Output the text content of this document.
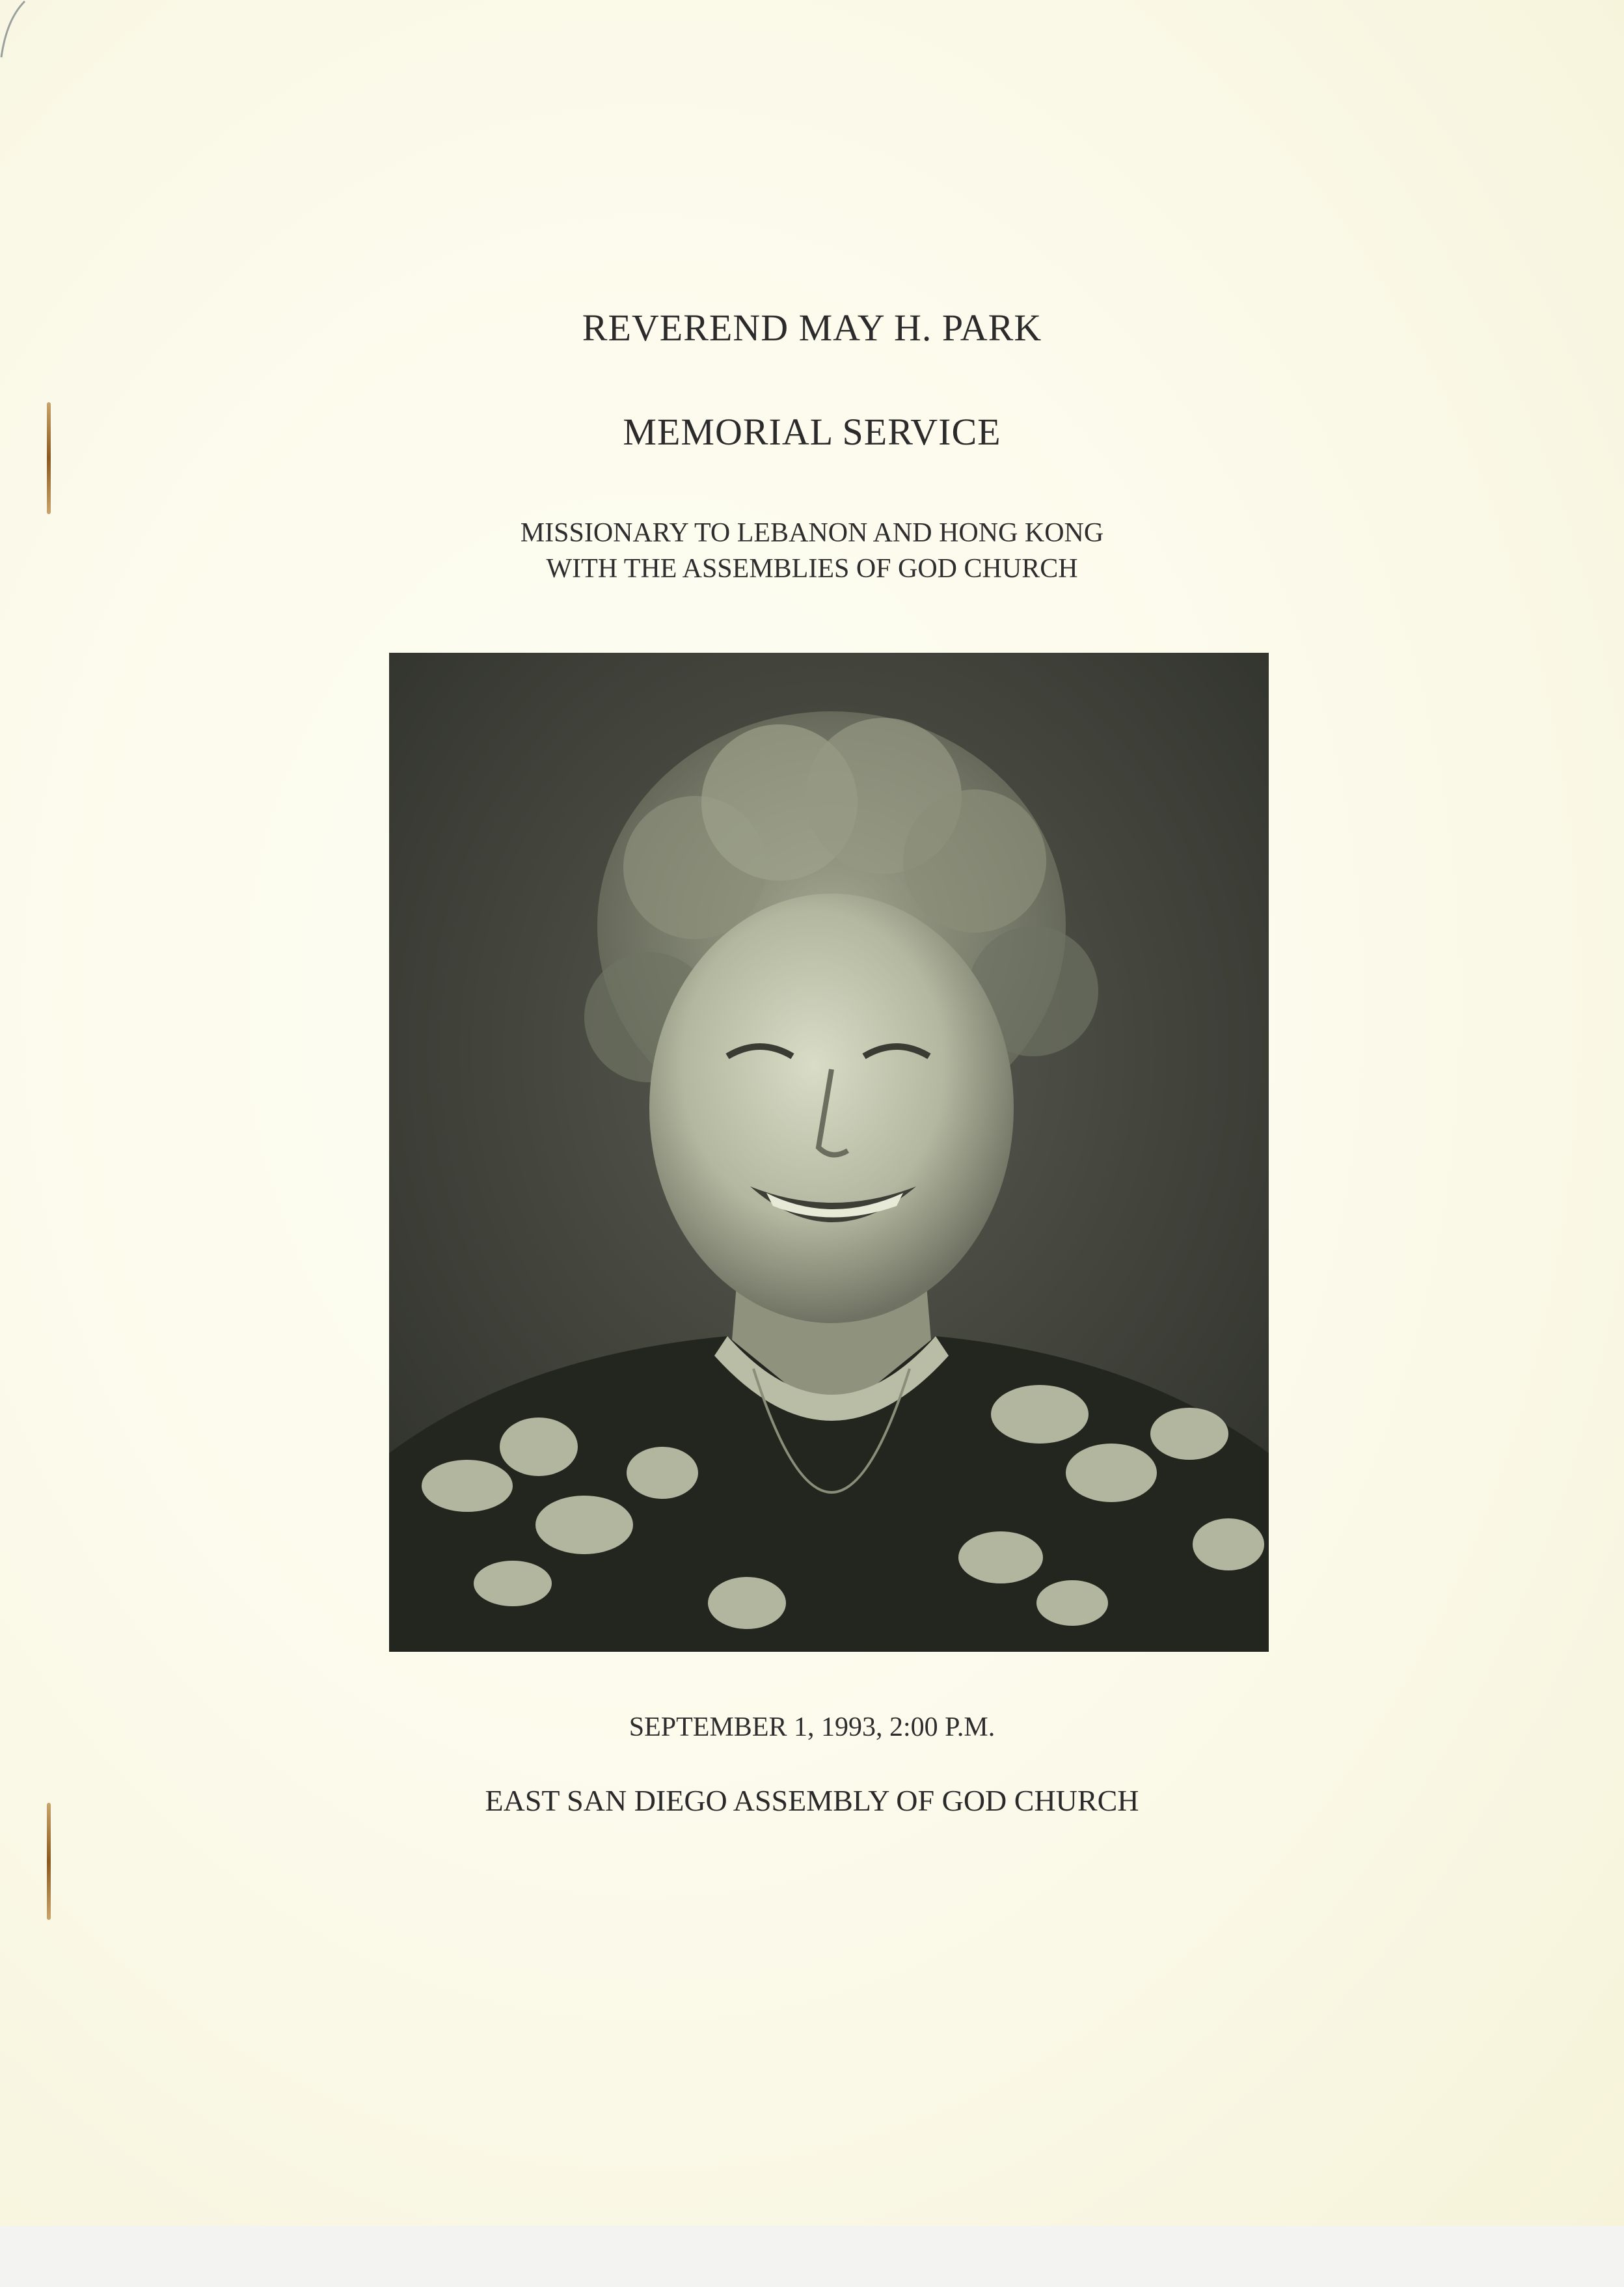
REVEREND MAY H. PARK
MEMORIAL SERVICE
MISSIONARY TO LEBANON AND HONG KONG
WITH THE ASSEMBLIES OF GOD CHURCH
SEPTEMBER 1, 1993, 2:00 P.M.
EAST SAN DIEGO ASSEMBLY OF GOD CHURCH
